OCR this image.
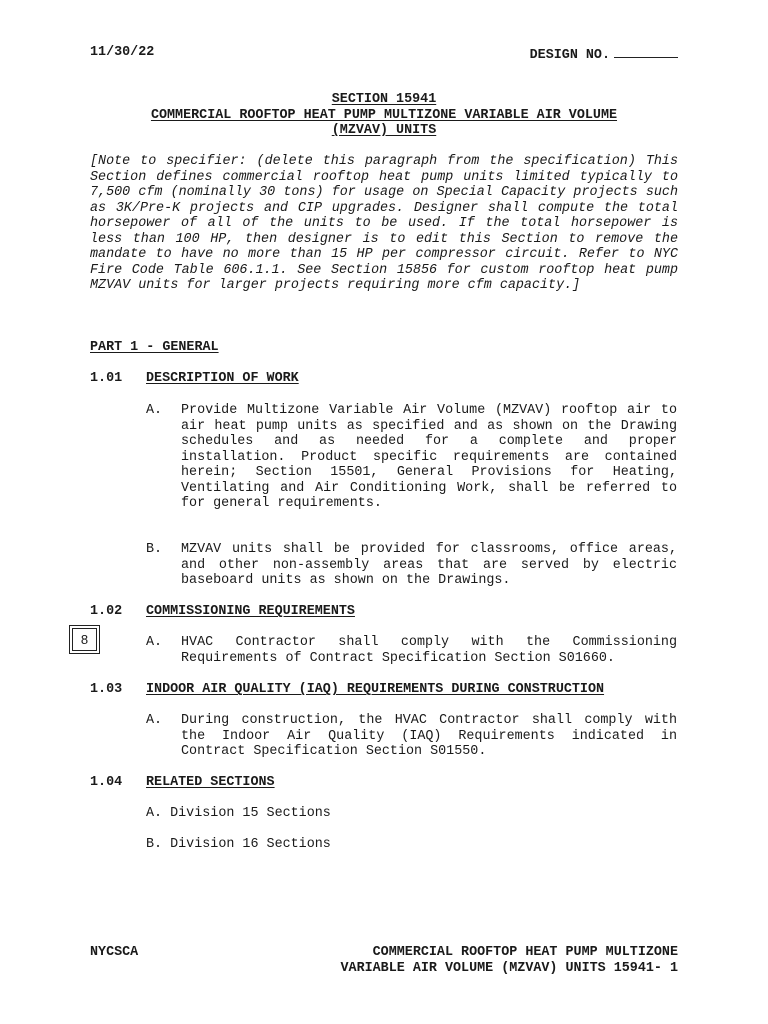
11/30/22	DESIGN NO.
SECTION 15941
COMMERCIAL ROOFTOP HEAT PUMP MULTIZONE VARIABLE AIR VOLUME
(MZVAV) UNITS
[Note to specifier: (delete this paragraph from the specification) This Section defines commercial rooftop heat pump units limited typically to 7,500 cfm (nominally 30 tons) for usage on Special Capacity projects such as 3K/Pre-K projects and CIP upgrades. Designer shall compute the total horsepower of all of the units to be used. If the total horsepower is less than 100 HP, then designer is to edit this Section to remove the mandate to have no more than 15 HP per compressor circuit. Refer to NYC Fire Code Table 606.1.1. See Section 15856 for custom rooftop heat pump MZVAV units for larger projects requiring more cfm capacity.]
PART 1 - GENERAL
1.01 DESCRIPTION OF WORK
A. Provide Multizone Variable Air Volume (MZVAV) rooftop air to air heat pump units as specified and as shown on the Drawing schedules and as needed for a complete and proper installation. Product specific requirements are contained herein; Section 15501, General Provisions for Heating, Ventilating and Air Conditioning Work, shall be referred to for general requirements.
B. MZVAV units shall be provided for classrooms, office areas, and other non-assembly areas that are served by electric baseboard units as shown on the Drawings.
1.02 COMMISSIONING REQUIREMENTS
8	A. HVAC Contractor shall comply with the Commissioning Requirements of Contract Specification Section S01660.
1.03 INDOOR AIR QUALITY (IAQ) REQUIREMENTS DURING CONSTRUCTION
A. During construction, the HVAC Contractor shall comply with the Indoor Air Quality (IAQ) Requirements indicated in Contract Specification Section S01550.
1.04 RELATED SECTIONS
A. Division 15 Sections
B. Division 16 Sections
NYCSCA	COMMERCIAL ROOFTOP HEAT PUMP MULTIZONE
VARIABLE AIR VOLUME (MZVAV) UNITS 15941- 1
